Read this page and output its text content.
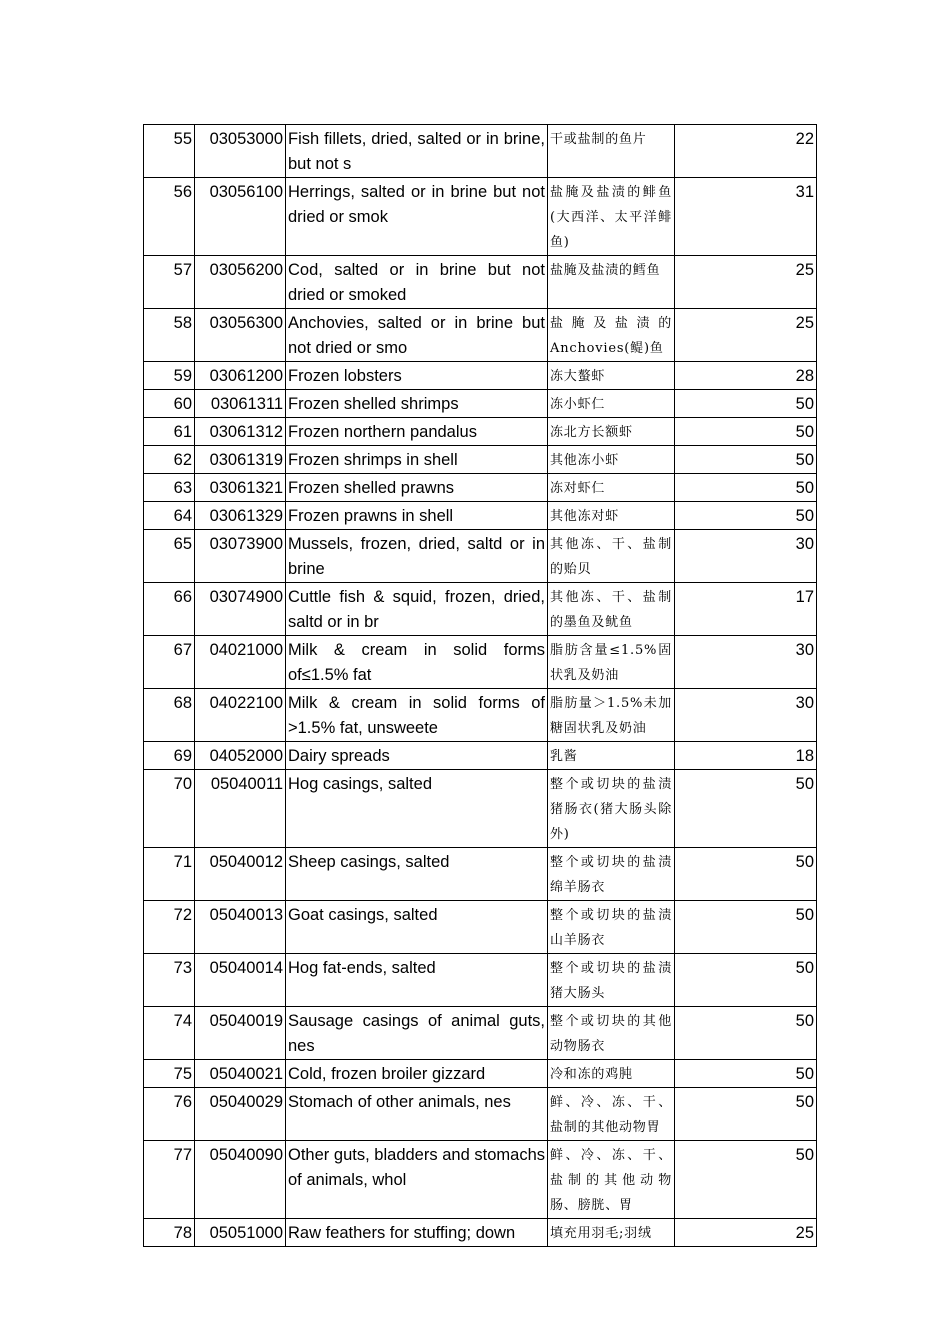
55	03053000	Fish fillets, dried, salted or in brine, but not s	干或盐制的鱼片	22
56	03056100	Herrings, salted or in brine but not dried or smok	盐腌及盐渍的鲱鱼(大西洋、太平洋鲱鱼)	31
57	03056200	Cod, salted or in brine but not dried or smoked	盐腌及盐渍的鳕鱼	25
58	03056300	Anchovies, salted or in brine but not dried or smo	盐腌及盐渍的Anchovies(鳀)鱼	25
59	03061200	Frozen lobsters	冻大螯虾	28
60	03061311	Frozen shelled shrimps	冻小虾仁	50
61	03061312	Frozen northern pandalus	冻北方长额虾	50
62	03061319	Frozen shrimps in shell	其他冻小虾	50
63	03061321	Frozen shelled prawns	冻对虾仁	50
64	03061329	Frozen prawns in shell	其他冻对虾	50
65	03073900	Mussels, frozen, dried, saltd or in brine	其他冻、干、盐制的贻贝	30
66	03074900	Cuttle fish & squid, frozen, dried, saltd or in br	其他冻、干、盐制的墨鱼及鱿鱼	17
67	04021000	Milk & cream in solid forms of≤1.5% fat	脂肪含量≤1.5%固状乳及奶油	30
68	04022100	Milk & cream in solid forms of >1.5% fat, unsweete	脂肪量＞1.5%未加糖固状乳及奶油	30
69	04052000	Dairy spreads	乳酱	18
70	05040011	Hog casings, salted	整个或切块的盐渍猪肠衣(猪大肠头除外)	50
71	05040012	Sheep casings, salted	整个或切块的盐渍绵羊肠衣	50
72	05040013	Goat casings, salted	整个或切块的盐渍山羊肠衣	50
73	05040014	Hog fat-ends, salted	整个或切块的盐渍猪大肠头	50
74	05040019	Sausage casings of animal guts, nes	整个或切块的其他动物肠衣	50
75	05040021	Cold, frozen broiler gizzard	冷和冻的鸡肫	50
76	05040029	Stomach of other animals, nes	鲜、冷、冻、干、盐制的其他动物胃	50
77	05040090	Other guts, bladders and stomachs of animals, whol	鲜、冷、冻、干、盐制的其他动物肠、膀胱、胃	50
78	05051000	Raw feathers for stuffing; down	填充用羽毛;羽绒	25
